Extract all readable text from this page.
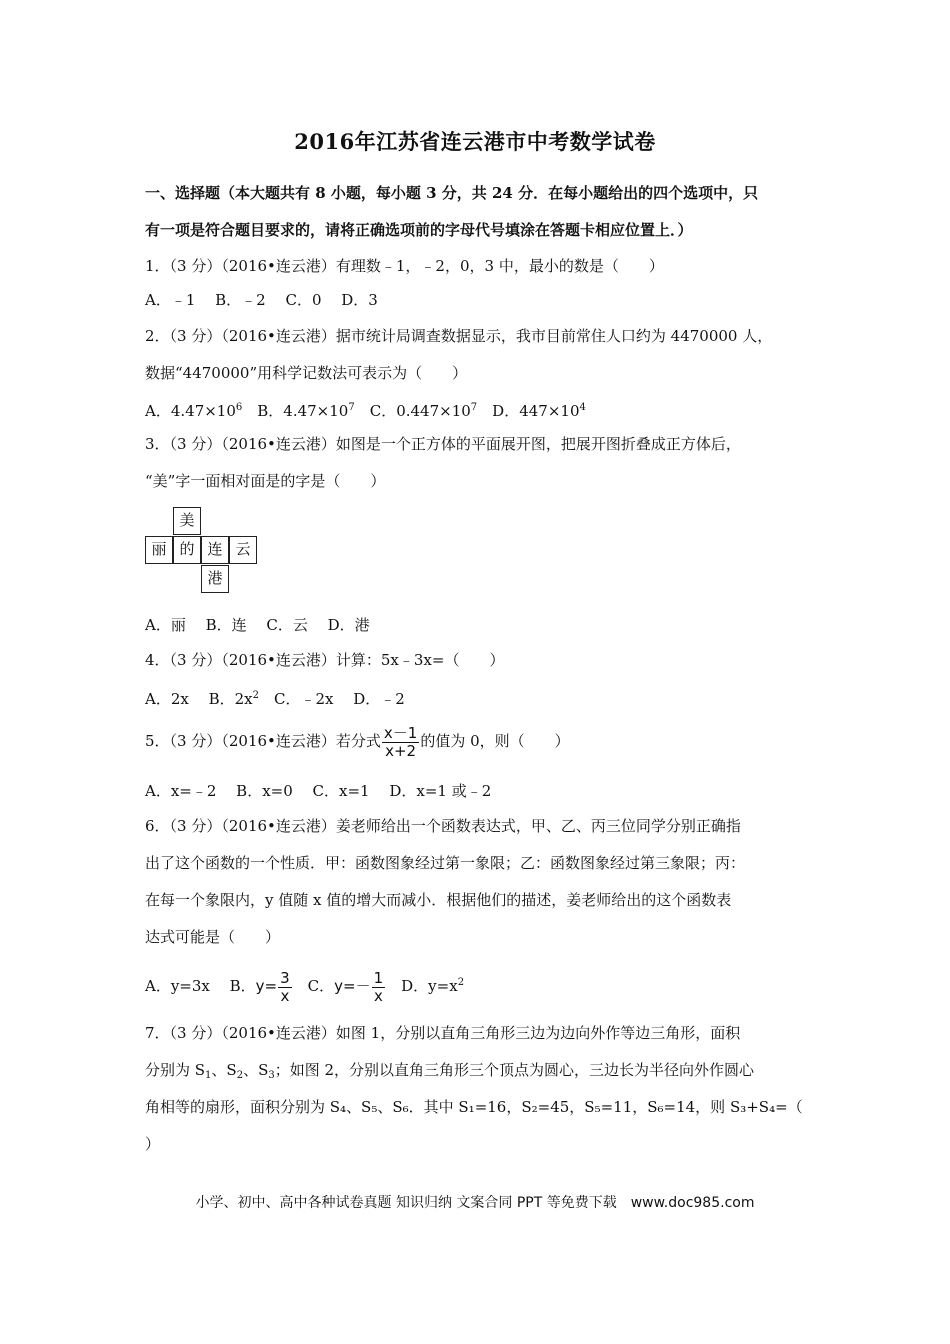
2016年江苏省连云港市中考数学试卷
一、选择题（本大题共有 8 小题，每小题 3 分，共 24 分．在每小题给出的四个选项中，只
有一项是符合题目要求的，请将正确选项前的字母代号填涂在答题卡相应位置上．）
1．（3 分）（2016•连云港）有理数﹣1，﹣2，0，3 中，最小的数是（　　）
A．﹣1　 B．﹣2　 C．0　 D．3
2．（3 分）（2016•连云港）据市统计局调查数据显示，我市目前常住人口约为 4470000 人，
数据“4470000”用科学记数法可表示为（　　）
A．$4.47\times 10^6$　B．$4.47\times 10^7$　C．$0.447\times 10^7$　D．$447\times 10^4$
3．（3 分）（2016•连云港）如图是一个正方体的平面展开图，把展开图折叠成正方体后，
“美”字一面相对面是的字是（　　）
美
丽 的 连 云
港
A．丽　 B．连　 C．云　 D．港
4．（3 分）（2016•连云港）计算：5x﹣3x=（　　）
A．2x　 B．$2x^2$　C．﹣2x　 D．﹣2
5．（3 分）（2016•连云港）若分式 $\frac{x-1}{x+2}$ 的值为 0，则（　　）
A．x=﹣2　 B．x=0　 C．x=1　 D．x=1 或﹣2
6．（3 分）（2016•连云港）姜老师给出一个函数表达式，甲、乙、丙三位同学分别正确指
出了这个函数的一个性质．甲：函数图象经过第一象限；乙：函数图象经过第三象限；丙：
在每一个象限内，y 值随 x 值的增大而减小．根据他们的描述，姜老师给出的这个函数表
达式可能是（　　）
A．y=3x　 B．$y= \frac{3}{x}$ 　C．$y=- \frac{1}{x}$ 　D．$y=x^2$
7．（3 分）（2016•连云港）如图 1，分别以直角三角形三边为边向外作等边三角形，面积
分别为 $S_1$、$S_2$、$S_3$；如图 2，分别以直角三角形三个顶点为圆心，三边长为半径向外作圆心
角相等的扇形，面积分别为 S₄、S₅、S₆．其中 S₁=16，S₂=45，S₅=11，S₆=14，则 S₃+S₄=（
）
小学、初中、高中各种试卷真题 知识归纳 文案合同 PPT 等免费下载　www.doc985.com
